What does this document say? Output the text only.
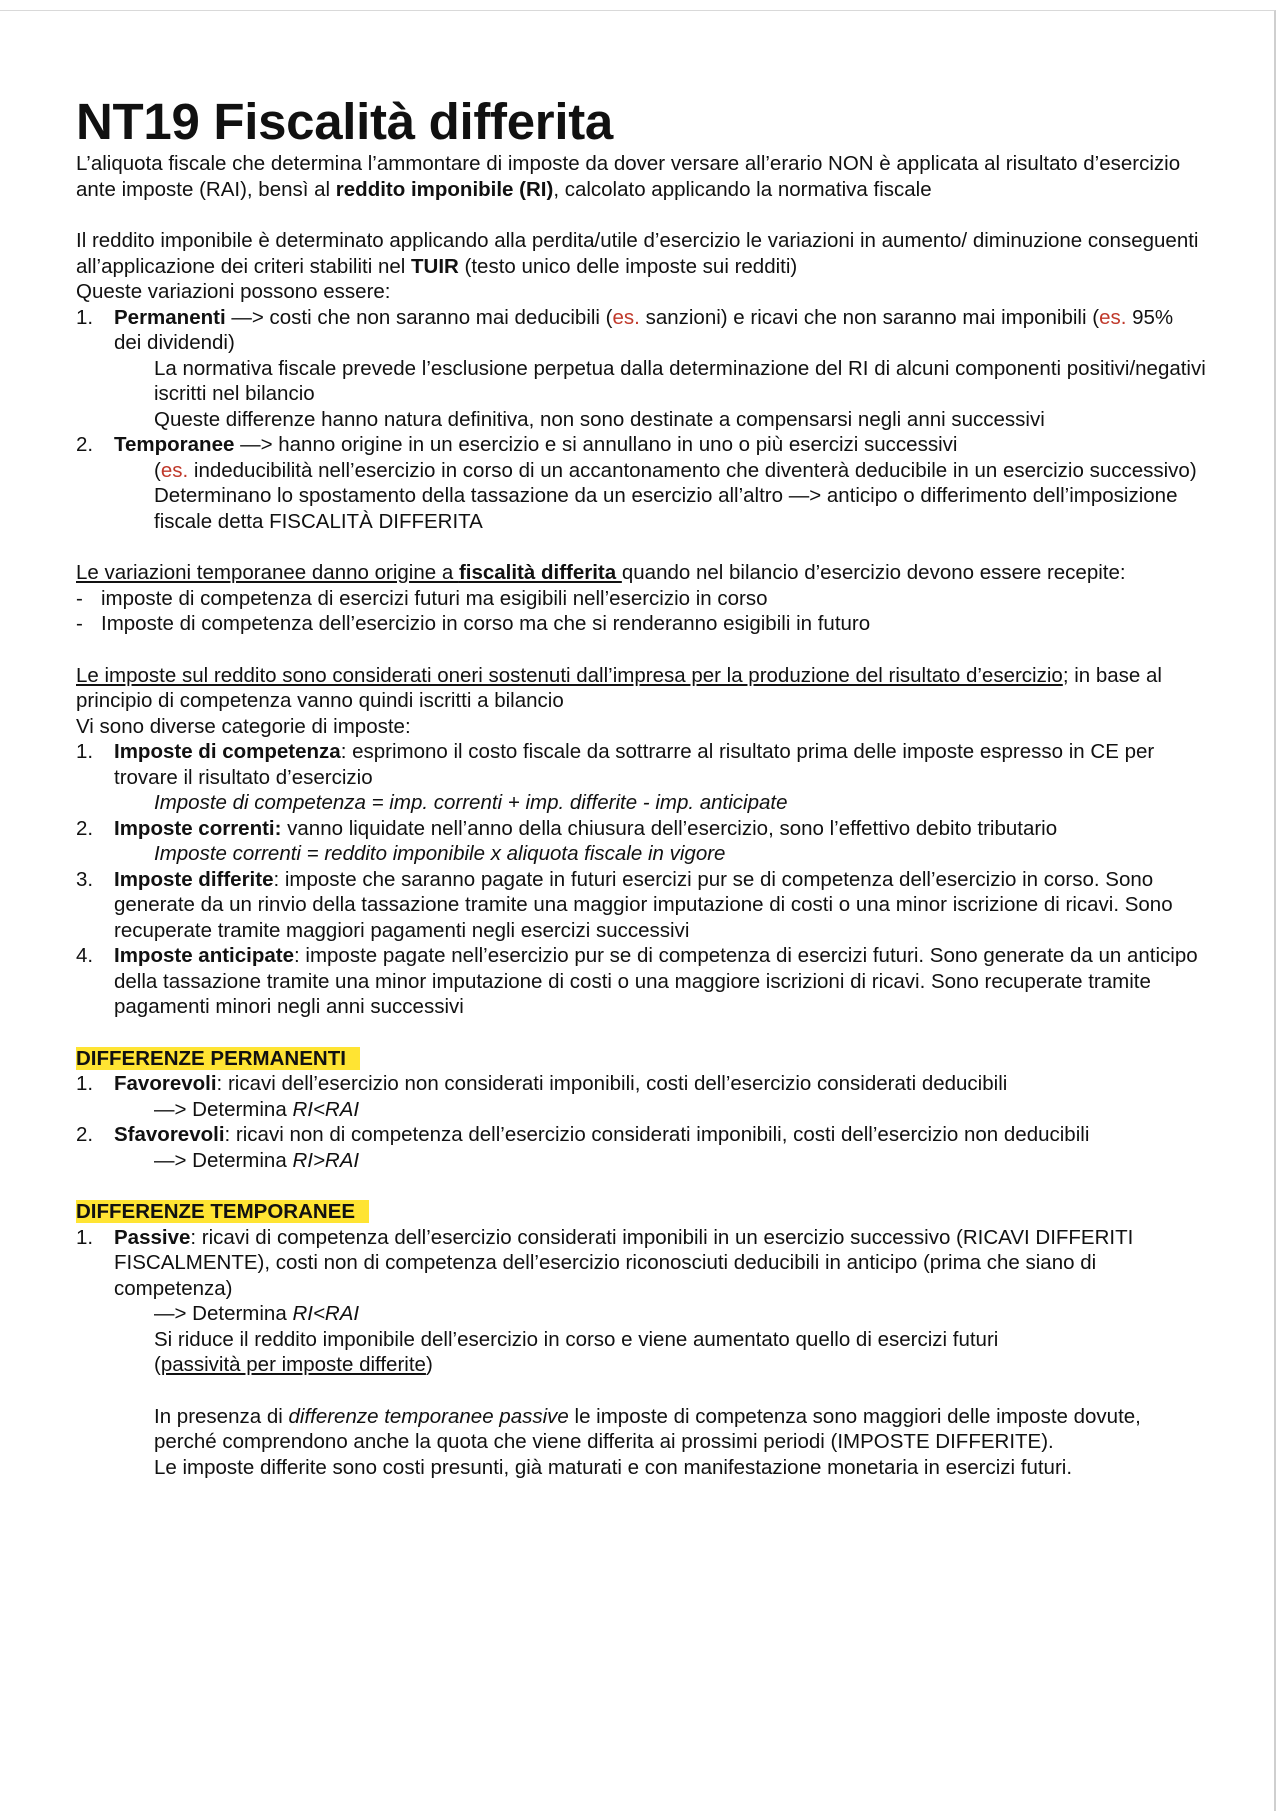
NT19 Fiscalità differita

L’aliquota fiscale che determina l’ammontare di imposte da dover versare all’erario NON è applicata al risultato d’esercizio ante imposte (RAI), bensì al reddito imponibile (RI), calcolato applicando la normativa fiscale

Il reddito imponibile è determinato applicando alla perdita/utile d’esercizio le variazioni in aumento/ diminuzione conseguenti all’applicazione dei criteri stabiliti nel TUIR (testo unico delle imposte sui redditi)

Queste variazioni possono essere:

1. Permanenti —> costi che non saranno mai deducibili (es. sanzioni) e ricavi che non saranno mai imponibili (es. 95% dei dividendi)

La normativa fiscale prevede l’esclusione perpetua dalla determinazione del RI di alcuni componenti positivi/negativi iscritti nel bilancio

Queste differenze hanno natura definitiva, non sono destinate a compensarsi negli anni successivi

2. Temporanee —> hanno origine in un esercizio e si annullano in uno o più esercizi successivi

(es. indeducibilità nell’esercizio in corso di un accantonamento che diventerà deducibile in un esercizio successivo)

Determinano lo spostamento della tassazione da un esercizio all’altro —> anticipo o differimento dell’imposizione fiscale detta FISCALITÀ DIFFERITA

Le variazioni temporanee danno origine a fiscalità differita quando nel bilancio d’esercizio devono essere recepite:

- imposte di competenza di esercizi futuri ma esigibili nell’esercizio in corso
- Imposte di competenza dell’esercizio in corso ma che si renderanno esigibili in futuro

Le imposte sul reddito sono considerati oneri sostenuti dall’impresa per la produzione del risultato d’esercizio; in base al principio di competenza vanno quindi iscritti a bilancio

Vi sono diverse categorie di imposte:

1. Imposte di competenza: esprimono il costo fiscale da sottrarre al risultato prima delle imposte espresso in CE per trovare il risultato d’esercizio

Imposte di competenza = imp. correnti + imp. differite - imp. anticipate

2. Imposte correnti: vanno liquidate nell’anno della chiusura dell’esercizio, sono l’effettivo debito tributario

Imposte correnti = reddito imponibile x aliquota fiscale in vigore

3. Imposte differite: imposte che saranno pagate in futuri esercizi pur se di competenza dell’esercizio in corso. Sono generate da un rinvio della tassazione tramite una maggior imputazione di costi o una minor iscrizione di ricavi. Sono recuperate tramite maggiori pagamenti negli esercizi successivi
4. Imposte anticipate: imposte pagate nell’esercizio pur se di competenza di esercizi futuri. Sono generate da un anticipo della tassazione tramite una minor imputazione di costi o una maggiore iscrizioni di ricavi. Sono recuperate tramite pagamenti minori negli anni successivi

DIFFERENZE PERMANENTI

1. Favorevoli: ricavi dell’esercizio non considerati imponibili, costi dell’esercizio considerati deducibili

—> Determina RI<RAI

2. Sfavorevoli: ricavi non di competenza dell’esercizio considerati imponibili, costi dell’esercizio non deducibili

—> Determina RI>RAI

DIFFERENZE TEMPORANEE

1. Passive: ricavi di competenza dell’esercizio considerati imponibili in un esercizio successivo (RICAVI DIFFERITI FISCALMENTE), costi non di competenza dell’esercizio riconosciuti deducibili in anticipo (prima che siano di competenza)

—> Determina RI<RAI

Si riduce il reddito imponibile dell’esercizio in corso e viene aumentato quello di esercizi futuri

(passività per imposte differite)

In presenza di differenze temporanee passive le imposte di competenza sono maggiori delle imposte dovute, perché comprendono anche la quota che viene differita ai prossimi periodi (IMPOSTE DIFFERITE).

Le imposte differite sono costi presunti, già maturati e con manifestazione monetaria in esercizi futuri.
